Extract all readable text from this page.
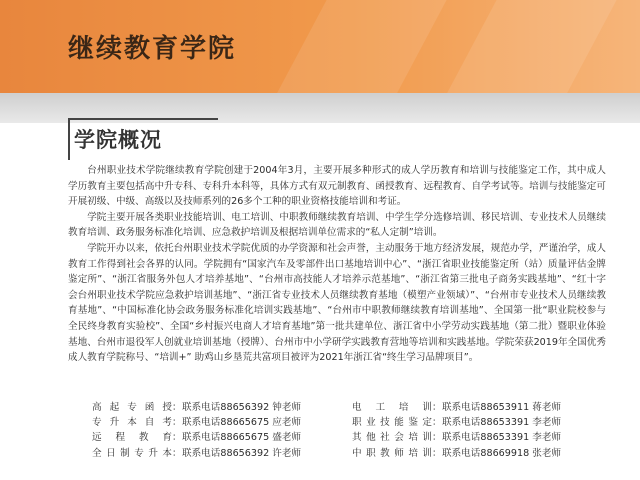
继续教育学院
学院概况

台州职业技术学院继续教育学院创建于2004年3月，主要开展多种形式的成人学历教育和培训与技能鉴定工作，其中成人学历教育主要包括高中升专科、专科升本科等，具体方式有双元制教育、函授教育、远程教育、自学考试等。培训与技能鉴定可开展初级、中级、高级以及技师系列的26多个工种的职业资格技能培训和考证。

学院主要开展各类职业技能培训、电工培训、中职教师继续教育培训、中学生学分选修培训、移民培训、专业技术人员继续教育培训、政务服务标准化培训、应急救护培训及根据培训单位需求的“私人定制”培训。

学院开办以来，依托台州职业技术学院优质的办学资源和社会声誉，主动服务于地方经济发展，规范办学，严谨治学，成人教育工作得到社会各界的认同。学院拥有“国家汽车及零部件出口基地培训中心”、“浙江省职业技能鉴定所（站）质量评估金牌鉴定所”、“浙江省服务外包人才培养基地”、“台州市高技能人才培养示范基地”、“浙江省第三批电子商务实践基地”、“红十字会台州职业技术学院应急救护培训基地”、“浙江省专业技术人员继续教育基地（模塑产业领域）”、“台州市专业技术人员继续教育基地”、“中国标准化协会政务服务标准化培训实践基地”、“台州市中职教师继续教育培训基地”、全国第一批“职业院校参与全民终身教育实验校”、全国“乡村振兴电商人才培育基地”第一批共建单位、浙江省中小学劳动实践基地（第二批）暨职业体验基地、台州市退役军人创就业培训基地（授牌）、台州市中小学研学实践教育营地等培训和实践基地。学院荣获2019年全国优秀成人教育学院称号、“培训+” 助鸡山乡垦荒共富项目被评为2021年浙江省“终生学习品牌项目”。

高起专函授 ： 联系电话88656392 钟老师	电工培训 ： 联系电话88653911 蒋老师
专升本自考 ： 联系电话88665675 应老师	职业技能鉴定 ： 联系电话88653391 李老师
远程教育 ： 联系电话88665675 盛老师	其他社会培训 ： 联系电话88653391 李老师
全日制专升本 ： 联系电话88656392 许老师	中职教师培训 ： 联系电话88669918 张老师
